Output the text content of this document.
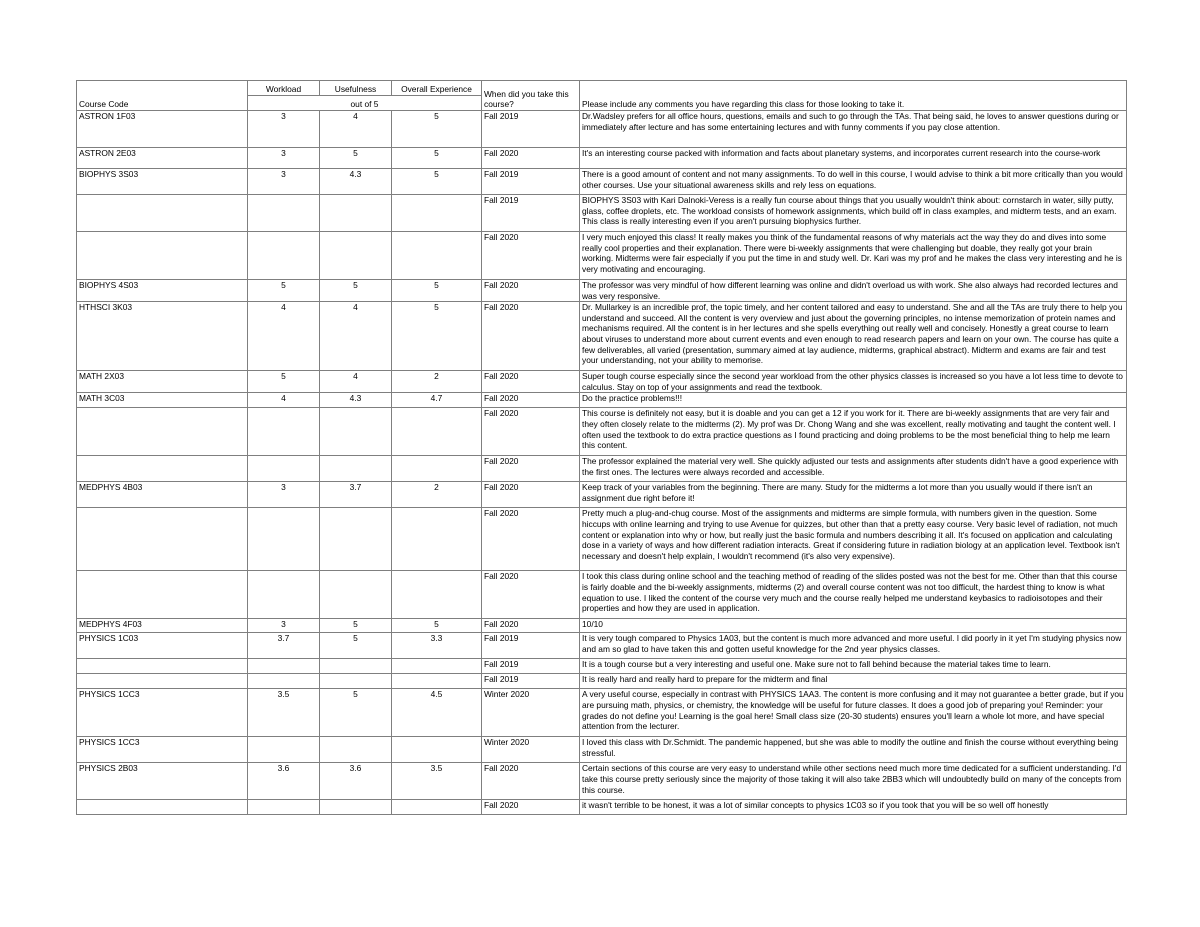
	Workload	Usefulness	Overall Experience	When did you take this course?	Please include any comments you have regarding this class for those looking to take it.
Course Code	out of 5				
ASTRON 1F03	3	4	5	Fall 2019	Dr.Wadsley prefers for all office hours, questions, emails and such to go through the TAs. That being said, he loves to answer questions during or immediately after lecture and has some entertaining lectures and with funny comments if you pay close attention.
ASTRON 2E03	3	5	5	Fall 2020	It's an interesting course packed with information and facts about planetary systems, and incorporates current research into the course-work
BIOPHYS 3S03	3	4.3	5	Fall 2019	There is a good amount of content and not many assignments. To do well in this course, I would advise to think a bit more critically than you would other courses. Use your situational awareness skills and rely less on equations.
				Fall 2019	BIOPHYS 3S03 with Kari Dalnoki-Veress is a really fun course about things that you usually wouldn't think about: cornstarch in water, silly putty, glass, coffee droplets, etc. The workload consists of homework assignments, which build off in class examples, and midterm tests, and an exam. This class is really interesting even if you aren't pursuing biophysics further.
				Fall 2020	I very much enjoyed this class! It really makes you think of the fundamental reasons of why materials act the way they do and dives into some really cool properties and their explanation. There were bi-weekly assignments that were challenging but doable, they really got your brain working. Midterms were fair especially if you put the time in and study well. Dr. Kari was my prof and he makes the class very interesting and he is very motivating and encouraging.
BIOPHYS 4S03	5	5	5	Fall 2020	The professor was very mindful of how different learning was online and didn't overload us with work. She also always had recorded lectures and was very responsive.
HTHSCI 3K03	4	4	5	Fall 2020	Dr. Mullarkey is an incredible prof, the topic timely, and her content tailored and easy to understand. She and all the TAs are truly there to help you understand and succeed. All the content is very overview and just about the governing principles, no intense memorization of protein names and mechanisms required. All the content is in her lectures and she spells everything out really well and concisely. Honestly a great course to learn about viruses to understand more about current events and even enough to read research papers and learn on your own. The course has quite a few deliverables, all varied (presentation, summary aimed at lay audience, midterms, graphical abstract). Midterm and exams are fair and test your understanding, not your ability to memorise.
MATH 2X03	5	4	2	Fall 2020	Super tough course especially since the second year workload from the other physics classes is increased so you have a lot less time to devote to calculus. Stay on top of your assignments and read the textbook.
MATH 3C03	4	4.3	4.7	Fall 2020	Do the practice problems!!!
				Fall 2020	This course is definitely not easy, but it is doable and you can get a 12 if you work for it. There are bi-weekly assignments that are very fair and they often closely relate to the midterms (2). My prof was Dr. Chong Wang and she was excellent, really motivating and taught the content well. I often used the textbook to do extra practice questions as I found practicing and doing problems to be the most beneficial thing to help me learn this content.
				Fall 2020	The professor explained the material very well. She quickly adjusted our tests and assignments after students didn't have a good experience with the first ones. The lectures were always recorded and accessible.
MEDPHYS 4B03	3	3.7	2	Fall 2020	Keep track of your variables from the beginning. There are many. Study for the midterms a lot more than you usually would if there isn't an assignment due right before it!
				Fall 2020	Pretty much a plug-and-chug course. Most of the assignments and midterms are simple formula, with numbers given in the question. Some hiccups with online learning and trying to use Avenue for quizzes, but other than that a pretty easy course. Very basic level of radiation, not much content or explanation into why or how, but really just the basic formula and numbers describing it all. It's focused on application and calculating dose in a variety of ways and how different radiation interacts. Great if considering future in radiation biology at an application level. Textbook isn't necessary and doesn't help explain, I wouldn't recommend (it's also very expensive).
				Fall 2020	I took this class during online school and the teaching method of reading of the slides posted was not the best for me. Other than that this course is fairly doable and the bi-weekly assignments, midterms (2) and overall course content was not too difficult, the hardest thing to know is what equation to use. I liked the content of the course very much and the course really helped me understand keybasics to radioisotopes and their properties and how they are used in application.
MEDPHYS 4F03	3	5	5	Fall 2020	10/10
PHYSICS 1C03	3.7	5	3.3	Fall 2019	It is very tough compared to Physics 1A03, but the content is much more advanced and more useful. I did poorly in it yet I'm studying physics now and am so glad to have taken this and gotten useful knowledge for the 2nd year physics classes.
				Fall 2019	It is a tough course but a very interesting and useful one. Make sure not to fall behind because the material takes time to learn.
				Fall 2019	It is really hard and really hard to prepare for the midterm and final
PHYSICS 1CC3	3.5	5	4.5	Winter 2020	A very useful course, especially in contrast with PHYSICS 1AA3. The content is more confusing and it may not guarantee a better grade, but if you are pursuing math, physics, or chemistry, the knowledge will be useful for future classes. It does a good job of preparing you! Reminder: your grades do not define you! Learning is the goal here! Small class size (20-30 students) ensures you'll learn a whole lot more, and have special attention from the lecturer.
PHYSICS 1CC3				Winter 2020	I loved this class with Dr.Schmidt. The pandemic happened, but she was able to modify the outline and finish the course without everything being stressful.
PHYSICS 2B03	3.6	3.6	3.5	Fall 2020	Certain sections of this course are very easy to understand while other sections need much more time dedicated for a sufficient understanding. I'd take this course pretty seriously since the majority of those taking it will also take 2BB3 which will undoubtedly build on many of the concepts from this course.
				Fall 2020	it wasn't terrible to be honest, it was a lot of similar concepts to physics 1C03 so if you took that you will be so well off honestly
